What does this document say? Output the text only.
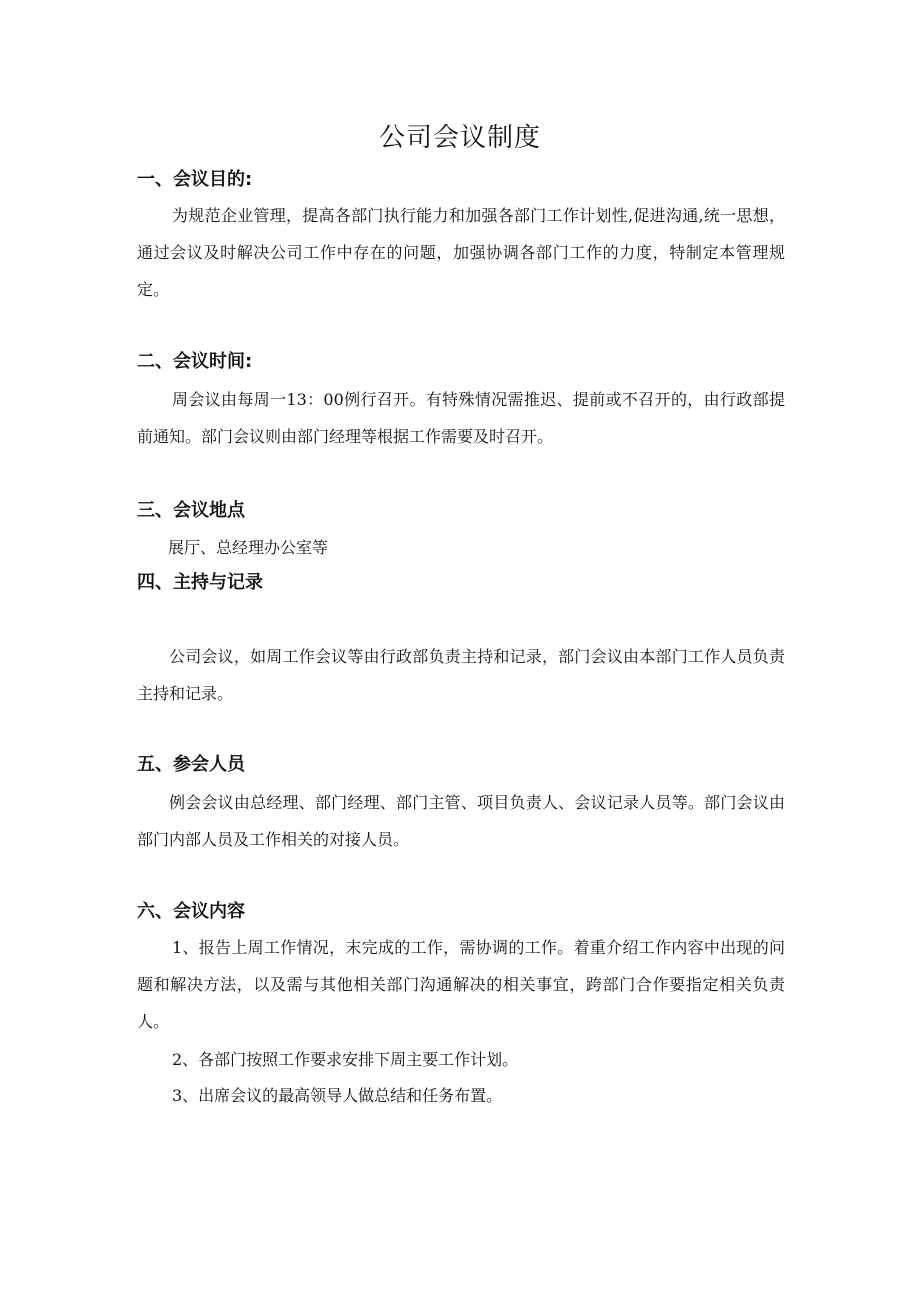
公司会议制度
一、会议目的:
为规范企业管理，提高各部门执行能力和加强各部门工作计划性,促进沟通,统一思想，通过会议及时解决公司工作中存在的问题，加强协调各部门工作的力度，特制定本管理规定。
二、会议时间:
周会议由每周一13：00例行召开。有特殊情况需推迟、提前或不召开的，由行政部提前通知。部门会议则由部门经理等根据工作需要及时召开。
三、会议地点
展厅、总经理办公室等
四、主持与记录
公司会议，如周工作会议等由行政部负责主持和记录，部门会议由本部门工作人员负责主持和记录。
五、参会人员
例会会议由总经理、部门经理、部门主管、项目负责人、会议记录人员等。部门会议由部门内部人员及工作相关的对接人员。
六、会议内容
1、报告上周工作情况，末完成的工作，需协调的工作。着重介绍工作内容中出现的问题和解决方法，以及需与其他相关部门沟通解决的相关事宜，跨部门合作要指定相关负责人。
2、各部门按照工作要求安排下周主要工作计划。
3、出席会议的最高领导人做总结和任务布置。
